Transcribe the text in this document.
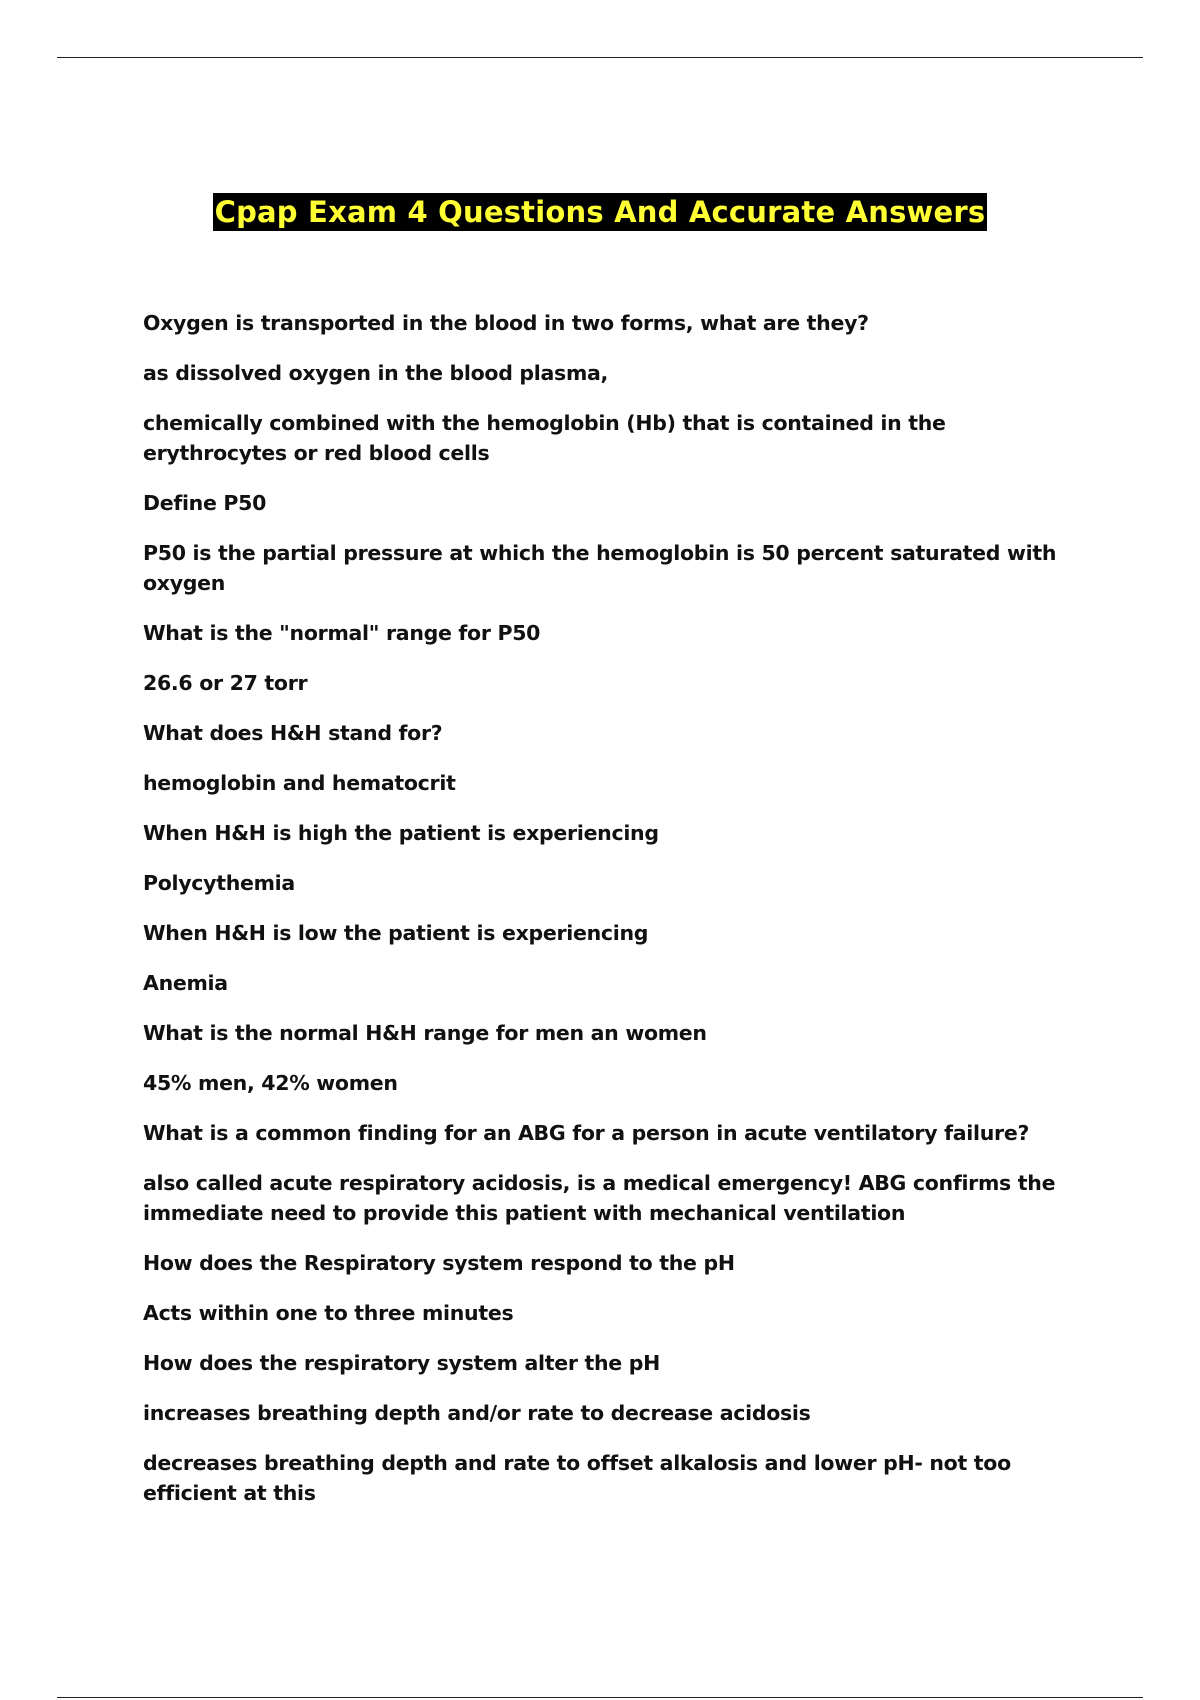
Cpap Exam 4 Questions And Accurate Answers
Oxygen is transported in the blood in two forms, what are they?
as dissolved oxygen in the blood plasma,
chemically combined with the hemoglobin (Hb) that is contained in the erythrocytes or red blood cells
Define P50
P50 is the partial pressure at which the hemoglobin is 50 percent saturated with oxygen
What is the "normal" range for P50
26.6 or 27 torr
What does H&H stand for?
hemoglobin and hematocrit
When H&H is high the patient is experiencing
Polycythemia
When H&H is low the patient is experiencing
Anemia
What is the normal H&H range for men an women
45% men, 42% women
What is a common finding for an ABG for a person in acute ventilatory failure?
also called acute respiratory acidosis, is a medical emergency! ABG confirms the immediate need to provide this patient with mechanical ventilation
How does the Respiratory system respond to the pH
Acts within one to three minutes
How does the respiratory system alter the pH
increases breathing depth and/or rate to decrease acidosis
decreases breathing depth and rate to offset alkalosis and lower pH- not too efficient at this
